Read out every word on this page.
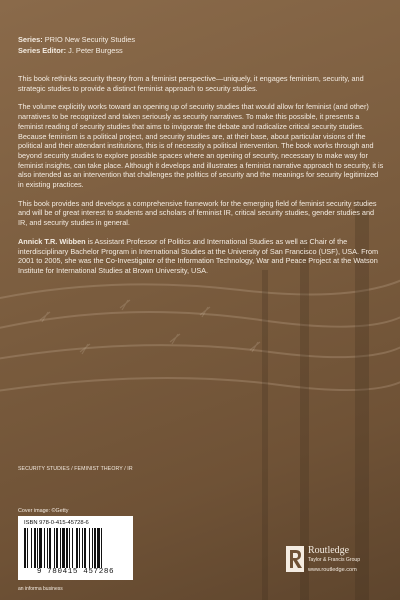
Series: PRIO New Security Studies
Series Editor: J. Peter Burgess

This book rethinks security theory from a feminist perspective—uniquely, it engages feminism, security, and strategic studies to provide a distinct feminist approach to security studies.

The volume explicitly works toward an opening up of security studies that would allow for feminist (and other) narratives to be recognized and taken seriously as security narratives. To make this possible, it presents a feminist reading of security studies that aims to invigorate the debate and radicalize critical security studies. Because feminism is a political project, and security studies are, at their base, about particular visions of the political and their attendant institutions, this is of necessity a political intervention. The book works through and beyond security studies to explore possible spaces where an opening of security, necessary to make way for feminist insights, can take place. Although it develops and illustrates a feminist narrative approach to security, it is also intended as an intervention that challenges the politics of security and the meanings for security legitimized in existing practices.

This book provides and develops a comprehensive framework for the emerging field of feminist security studies and will be of great interest to students and scholars of feminist IR, critical security studies, gender studies and IR, and security studies in general.

Annick T.R. Wibben is Assistant Professor of Politics and International Studies as well as Chair of the interdisciplinary Bachelor Program in International Studies at the University of San Francisco (USF), USA. From 2001 to 2005, she was the Co-Investigator of the Information Technology, War and Peace Project at the Watson Institute for International Studies at Brown University, USA.

SECURITY STUDIES / FEMINIST THEORY / IR
Cover image: ©Getty
ISBN 978-0-415-45728-6
9 780415 457286
an informa business
Routledge
Taylor & Francis Group
www.routledge.com
